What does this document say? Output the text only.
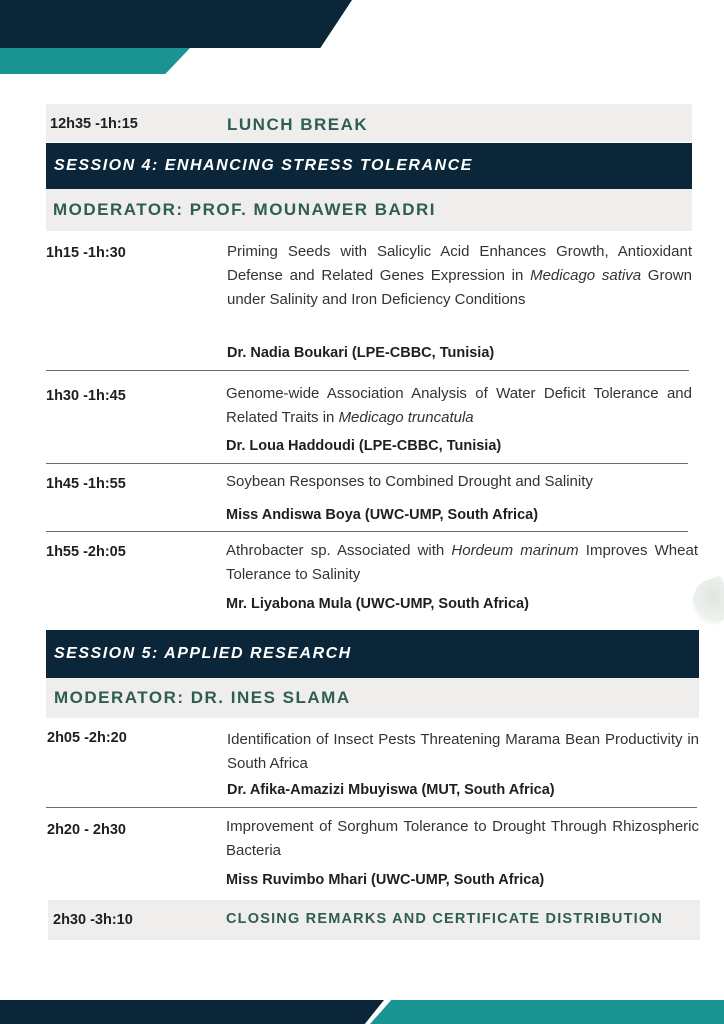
12h35 -1h:15	LUNCH BREAK
SESSION 4: ENHANCING STRESS TOLERANCE
MODERATOR: PROF. MOUNAWER BADRI
1h15 -1h:30	Priming Seeds with Salicylic Acid Enhances Growth, Antioxidant Defense and Related Genes Expression in Medicago sativa Grown under Salinity and Iron Deficiency Conditions
Dr. Nadia Boukari (LPE-CBBC, Tunisia)
1h30 -1h:45	Genome-wide Association Analysis of Water Deficit Tolerance and Related Traits in Medicago truncatula
Dr. Loua Haddoudi (LPE-CBBC, Tunisia)
1h45 -1h:55	Soybean Responses to Combined Drought and Salinity
Miss Andiswa Boya (UWC-UMP, South Africa)
1h55 -2h:05	Athrobacter sp. Associated with Hordeum marinum Improves Wheat Tolerance to Salinity
Mr. Liyabona Mula (UWC-UMP, South Africa)
SESSION 5: APPLIED RESEARCH
MODERATOR: DR. INES SLAMA
2h05 -2h:20	Identification of Insect Pests Threatening Marama Bean Productivity in South Africa
Dr. Afika-Amazizi Mbuyiswa (MUT, South Africa)
2h20 - 2h30	Improvement of Sorghum Tolerance to Drought Through Rhizospheric Bacteria
Miss Ruvimbo Mhari (UWC-UMP, South Africa)
2h30 -3h:10	CLOSING REMARKS AND CERTIFICATE DISTRIBUTION
